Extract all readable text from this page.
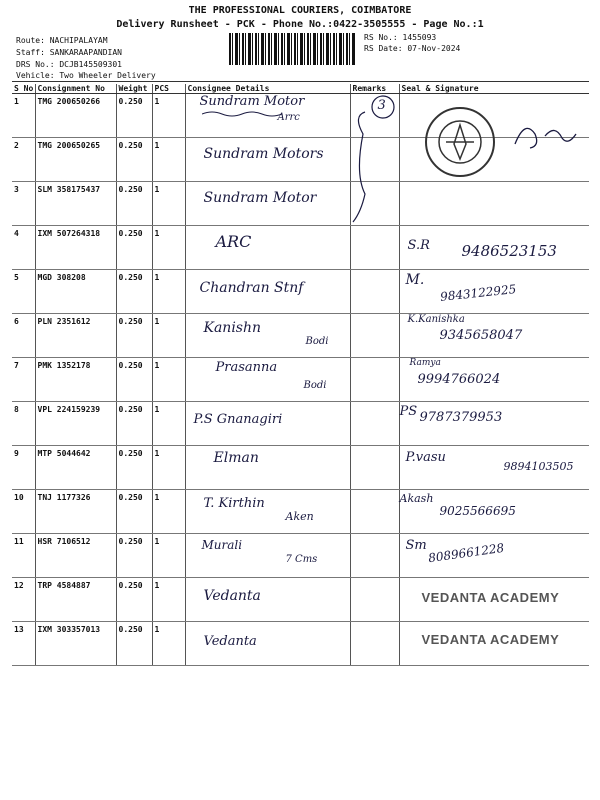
THE PROFESSIONAL COURIERS, COIMBATORE
Delivery Runsheet - PCK - Phone No.:0422-3505555 - Page No.:1
Route: NACHIPALAYAM
Staff: SANKARAAPANDIAN
DRS No.: DCJB145509301
Vehicle: Two Wheeler Delivery
RS No.: 1455093
RS Date: 07-Nov-2024
S No	Consignment No	Weight	PCS	Consignee Details	Remarks	Seal & Signature
1	TMG 200650266	0.250	1	Sundram Motor
Arrc	3

2	TMG 200650265	0.250	1	Sundram Motors		

3	SLM 358175437	0.250	1	Sundram Motor		

4	IXM 507264318	0.250	1	ARC		S.R 9486523153

5	MGD 308208	0.250	1	Chandran Stnf		M.
9843122925

6	PLN 2351612	0.250	1	Kanishn
Bodi		K.Kanishka
9345658047

7	PMK 1352178	0.250	1	Prasanna
Bodi		Ramya
9994766024

8	VPL 224159239	0.250	1	P.S Gnanagiri		PS 9787379953

9	MTP 5044642	0.250	1	Elman		P.vasu
9894103505

10	TNJ 1177326	0.250	1	T. Kirthin
Aken		Akash
9025566695

11	HSR 7106512	0.250	1	Murali
7 Cms		Sm 8089661228

12	TRP 4584887	0.250	1	Vedanta		VEDANTA ACADEMY

13	IXM 303357013	0.250	1	Vedanta		VEDANTA ACADEMY
